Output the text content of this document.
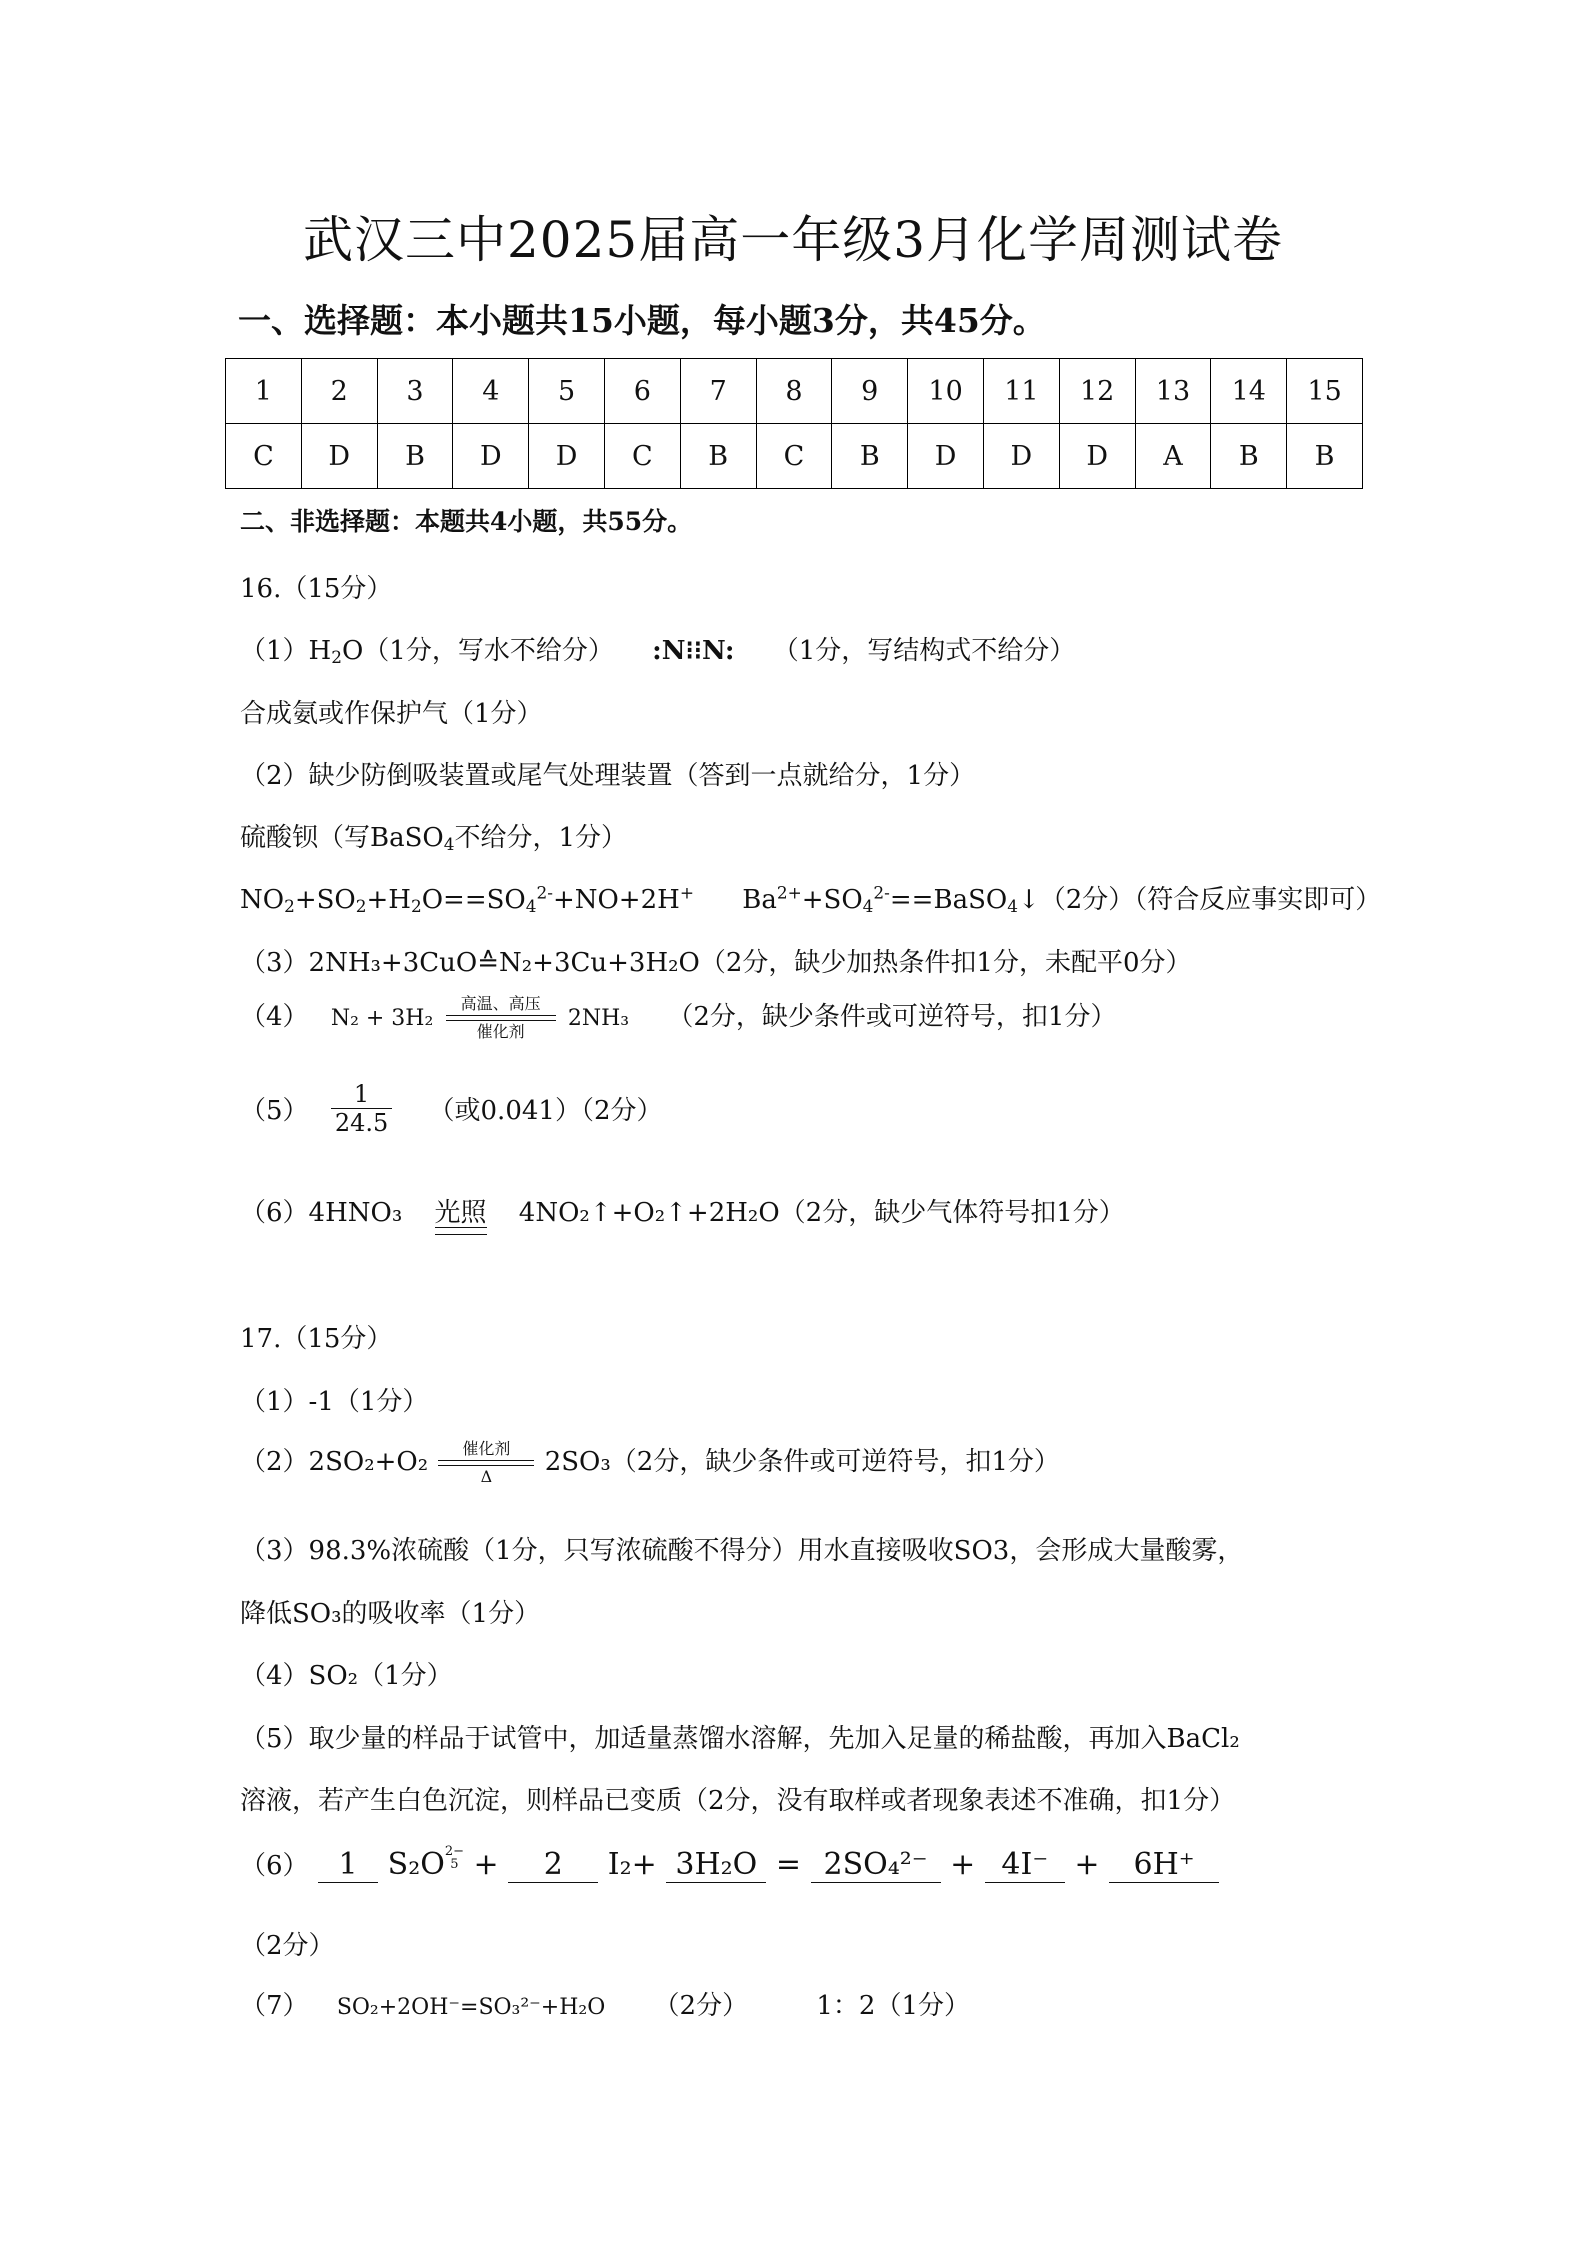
武汉三中2025届高一年级3月化学周测试卷
一、选择题：本小题共15小题，每小题3分，共45分。
1	2	3	4	5	6	7	8	9	10	11	12	13	14	15
C	D	B	D	D	C	B	C	B	D	D	D	A	B	B
二、非选择题：本题共4小题，共55分。
16.（15分）
$(1)H_2O(1$分，写水不给分） :N⁝⁝N: （1分，写结构式不给分）
合成氨或作保护气（1分）
（2）缺少防倒吸装置或尾气处理装置（答到一点就给分，1分）
硫酸钡（写BaSO$_4$不给分，1分）
$NO_2+SO_2+H_2O==SO_4^{2-}+NO+2H^+$ $Ba^{2+}+SO_4^{2-}==BaSO_4↓(2$分）（符合反应事实即可）
（3）2NH₃+3CuO≙N₂+3Cu+3H₂O（2分，缺少加热条件扣1分，未配平0分）
（4） N₂ + 3H₂
高温、高压
催化剂
2NH₃ （2分，缺少条件或可逆符号，扣1分）
$(5) \frac{1}{24.5}$ （或0.041）（2分）
（6）4HNO₃ 光照 4NO₂↑+O₂↑+2H₂O（2分，缺少气体符号扣1分）
17.（15分）
（1）-1（1分）
（2）2SO₂+O₂	催化剂
Δ	2SO₃（2分，缺少条件或可逆符号，扣1分）
（3）98.3%浓硫酸（1分，只写浓硫酸不得分）用水直接吸收SO3，会形成大量酸雾，
降低SO₃的吸收率（1分）
（4）SO₂（1分）
（5）取少量的样品于试管中，加适量蒸馏水溶解，先加入足量的稀盐酸，再加入BaCl₂
溶液，若产生白色沉淀，则样品已变质（2分，没有取样或者现象表述不准确，扣1分）
（6） 1 S₂O 2−
5 + 2 I₂+ 3H₂O = 2SO₄²⁻ + 4I⁻ + 6H⁺
（2分）
（7） SO₂+2OH⁻=SO₃²⁻+H₂O （2分）	1：2（1分）
